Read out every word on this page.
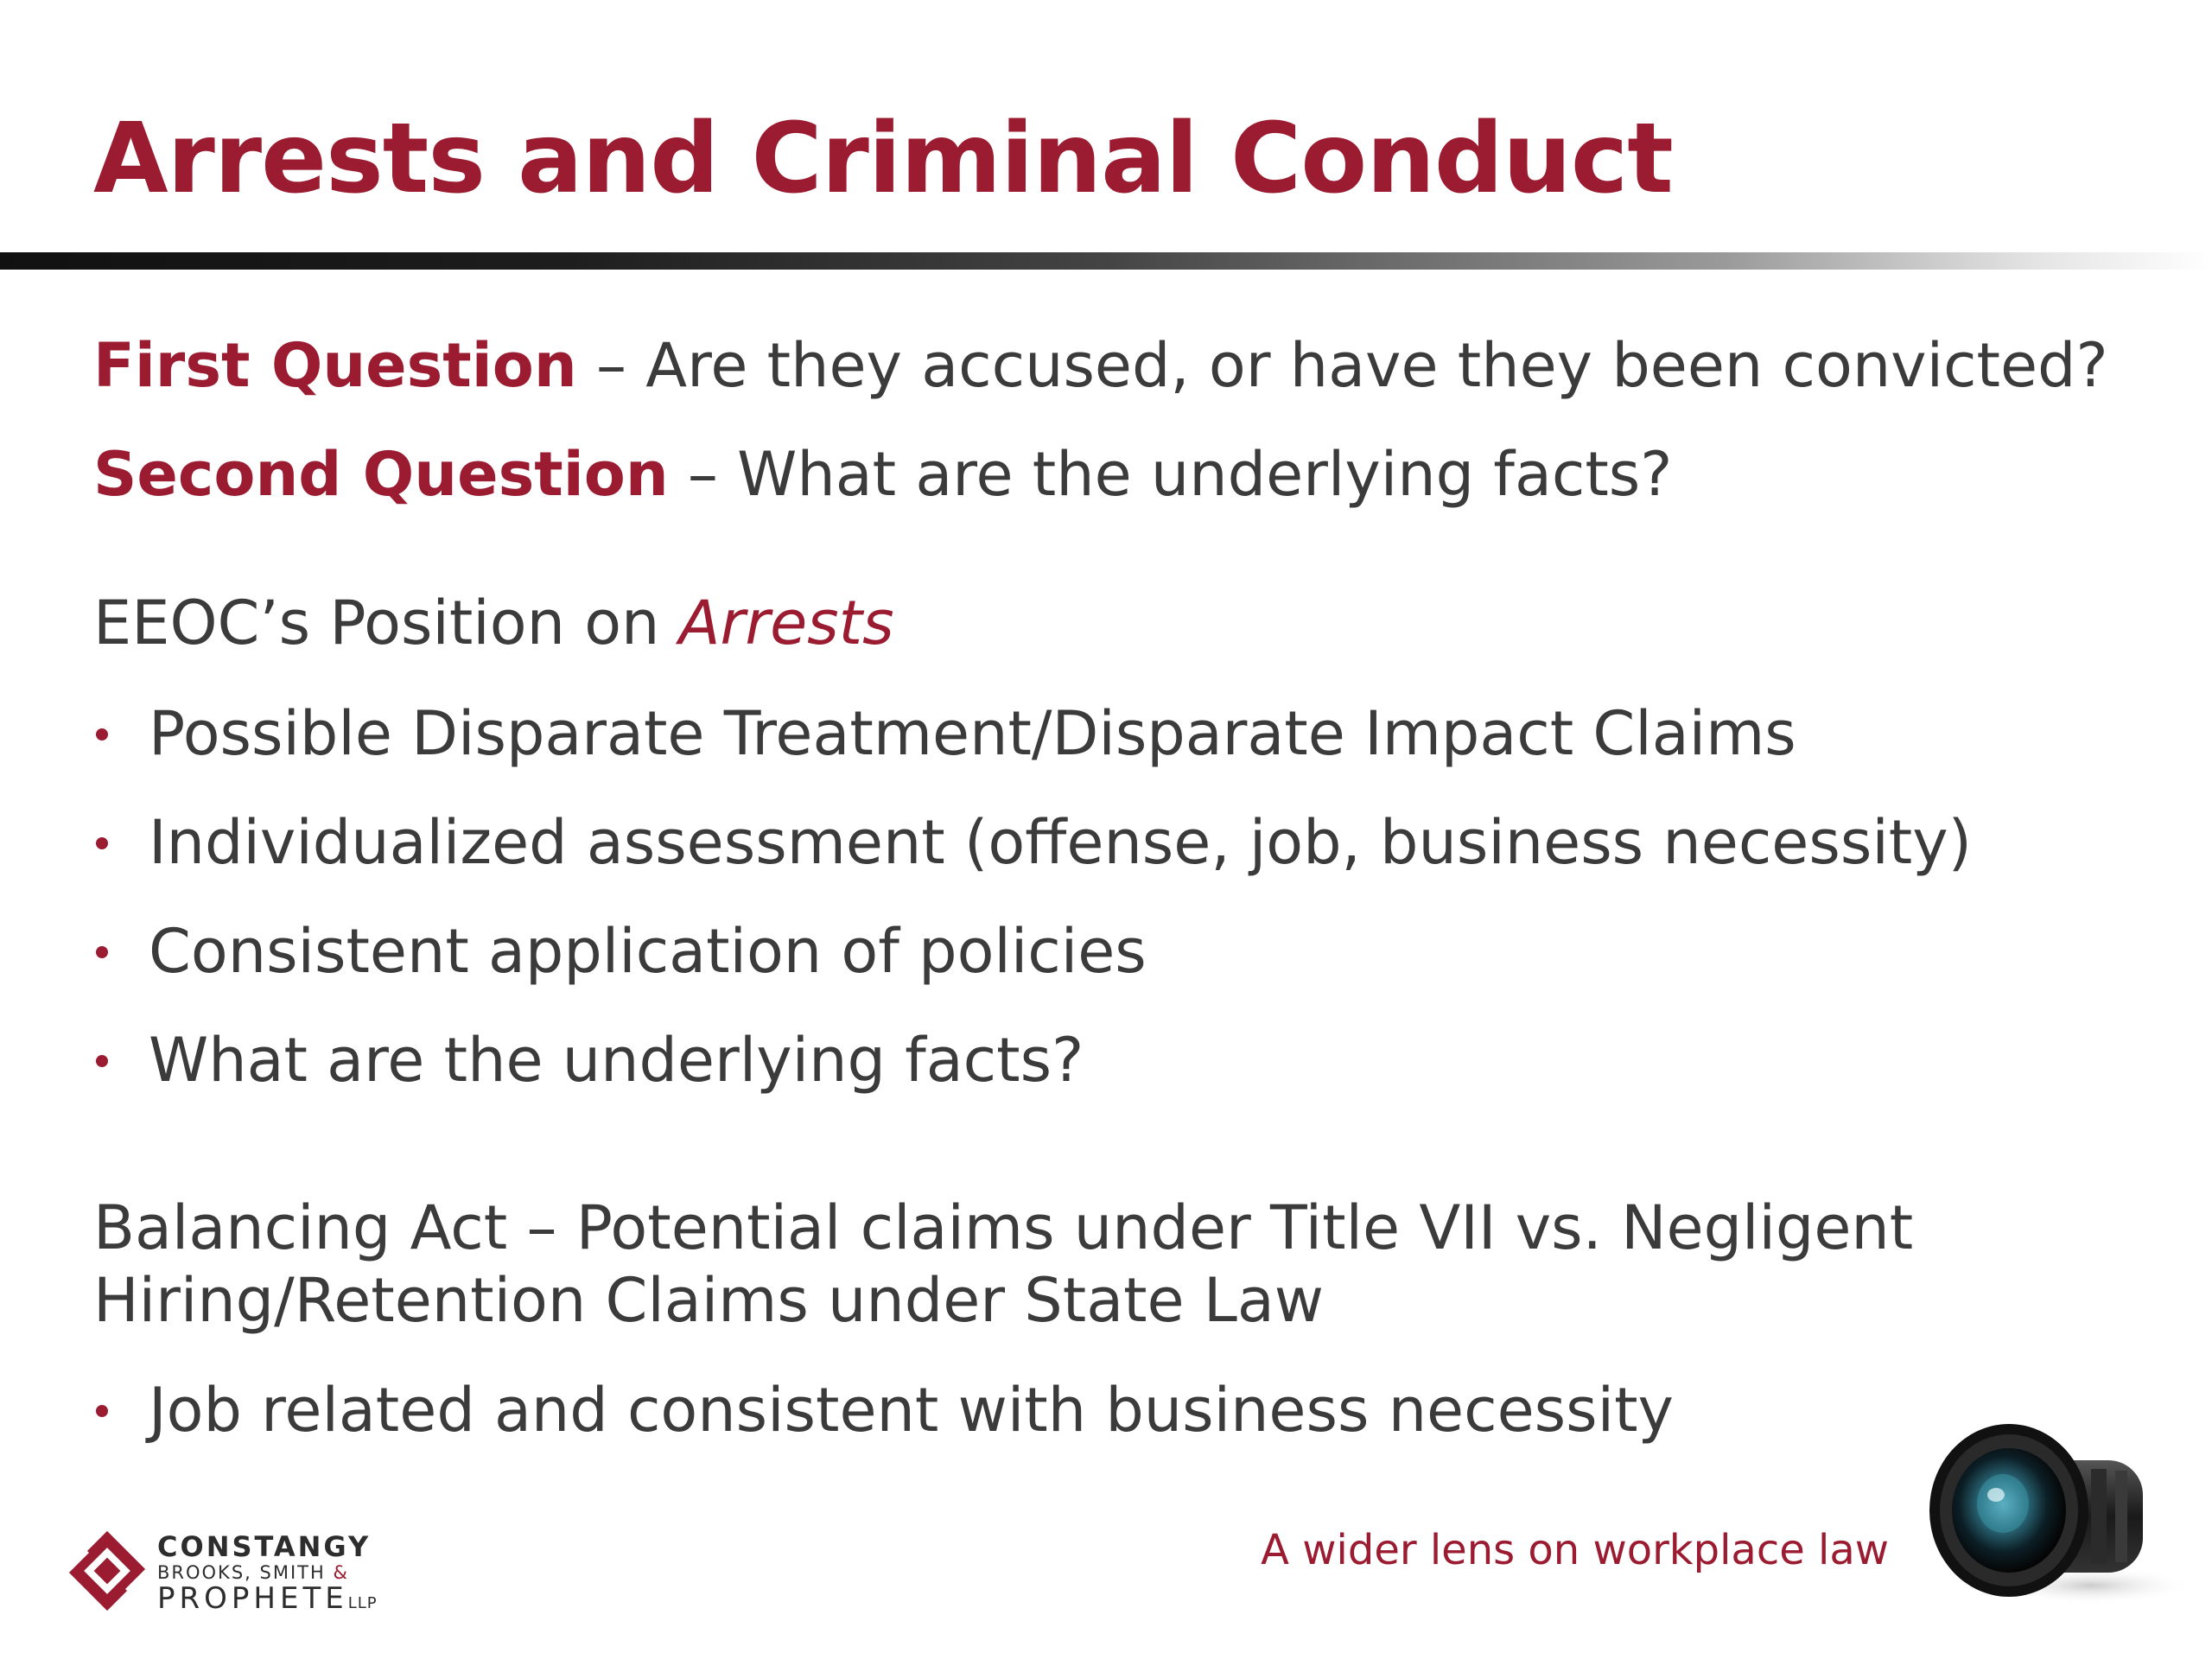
Arrests and Criminal Conduct
First Question – Are they accused, or have they been convicted?
Second Question – What are the underlying facts?
EEOC’s Position on Arrests
Possible Disparate Treatment/Disparate Impact Claims
Individualized assessment (offense, job, business necessity)
Consistent application of policies
What are the underlying facts?
Balancing Act – Potential claims under Title VII vs. Negligent
Hiring/Retention Claims under State Law
Job related and consistent with business necessity
CONSTANGY
BROOKS, SMITH &
PROPHETELLP
A wider lens on workplace law
